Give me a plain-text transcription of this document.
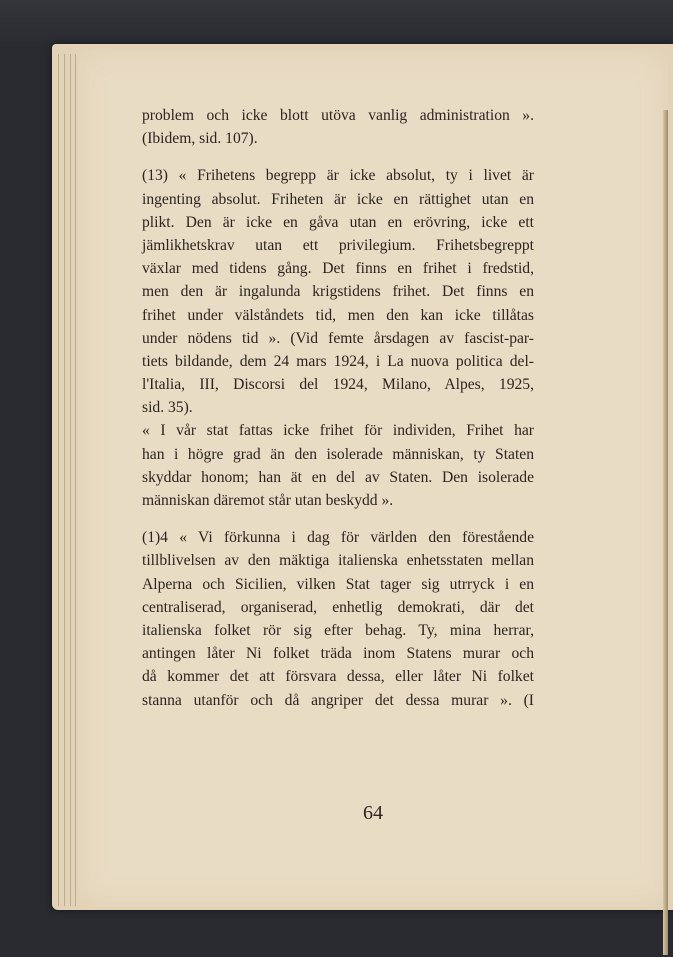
64
problem och icke blott utöva vanlig administration ».
(Ibidem, sid. 107).
(13) « Frihetens begrepp är icke absolut, ty i livet är
ingenting absolut. Friheten är icke en rättighet utan en
plikt. Den är icke en gåva utan en erövring, icke ett
jämlikhetskrav utan ett privilegium. Frihetsbegreppt
växlar med tidens gång. Det finns en frihet i fredstid,
men den är ingalunda krigstidens frihet. Det finns en
frihet under välståndets tid, men den kan icke tillåtas
under nödens tid ». (Vid femte årsdagen av fascist-par-
tiets bildande, dem 24 mars 1924, i La nuova politica del-
l'Italia, III, Discorsi del 1924, Milano, Alpes, 1925,
sid. 35).
« I vår stat fattas icke frihet för individen, Frihet har
han i högre grad än den isolerade människan, ty Staten
skyddar honom; han ät en del av Staten. Den isolerade
människan däremot står utan beskydd ».
(1)4 « Vi förkunna i dag för världen den förestående
tillblivelsen av den mäktiga italienska enhetsstaten mellan
Alperna och Sicilien, vilken Stat tager sig utrryck i en
centraliserad, organiserad, enhetlig demokrati, där det
italienska folket rör sig efter behag. Ty, mina herrar,
antingen låter Ni folket träda inom Statens murar och
då kommer det att försvara dessa, eller låter Ni folket
stanna utanför och då angriper det dessa murar ». (I
